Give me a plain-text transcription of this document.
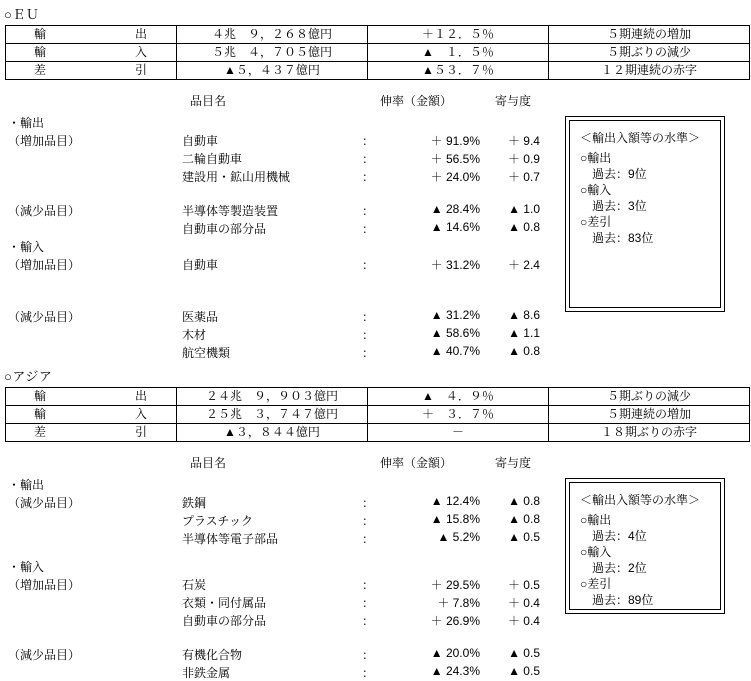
○ＥＵ
輸 出	４兆　９，２６８億円	＋１２．５％	５期連続の増加

輸 入	５兆　４，７０５億円	▲　１．５％	５期ぶりの減少

差 引	▲５，４３７億円	▲５３．７％	１２期連続の赤字
品目名	伸率（金額）	寄与度
・輸出
（増加品目）	自動車	：	＋ 91.9%	＋ 9.4
二輪自動車	：	＋ 56.5%	＋ 0.9
建設用・鉱山用機械	：	＋ 24.0%	＋ 0.7
（減少品目）	半導体等製造装置	：	▲ 28.4%	▲ 1.0
自動車の部分品	：	▲ 14.6%	▲ 0.8
・輸入
（増加品目）	自動車	：	＋ 31.2%	＋ 2.4
（減少品目）	医薬品	：	▲ 31.2%	▲ 8.6
木材	：	▲ 58.6%	▲ 1.1
航空機類	：	▲ 40.7%	▲ 0.8
＜輸出入額等の水準＞
○輸出
過去：9位
○輸入
過去：3位
○差引
過去：83位
○アジア
輸 出	２４兆　９，９０３億円	▲　４．９％	５期ぶりの減少

輸 入	２５兆　３，７４７億円	＋　３．７％	５期連続の増加

差 引	▲３，８４４億円	－	１８期ぶりの赤字
品目名	伸率（金額）	寄与度
・輸出
（減少品目）	鉄鋼	：	▲ 12.4%	▲ 0.8
プラスチック	：	▲ 15.8%	▲ 0.8
半導体等電子部品	：	▲ 5.2%	▲ 0.5
・輸入
（増加品目）	石炭	：	＋ 29.5%	＋ 0.5
衣類・同付属品	：	＋ 7.8%	＋ 0.4
自動車の部分品	：	＋ 26.9%	＋ 0.4
（減少品目）	有機化合物	：	▲ 20.0%	▲ 0.5
非鉄金属	：	▲ 24.3%	▲ 0.5
＜輸出入額等の水準＞
○輸出
過去：4位
○輸入
過去：2位
○差引
過去：89位
